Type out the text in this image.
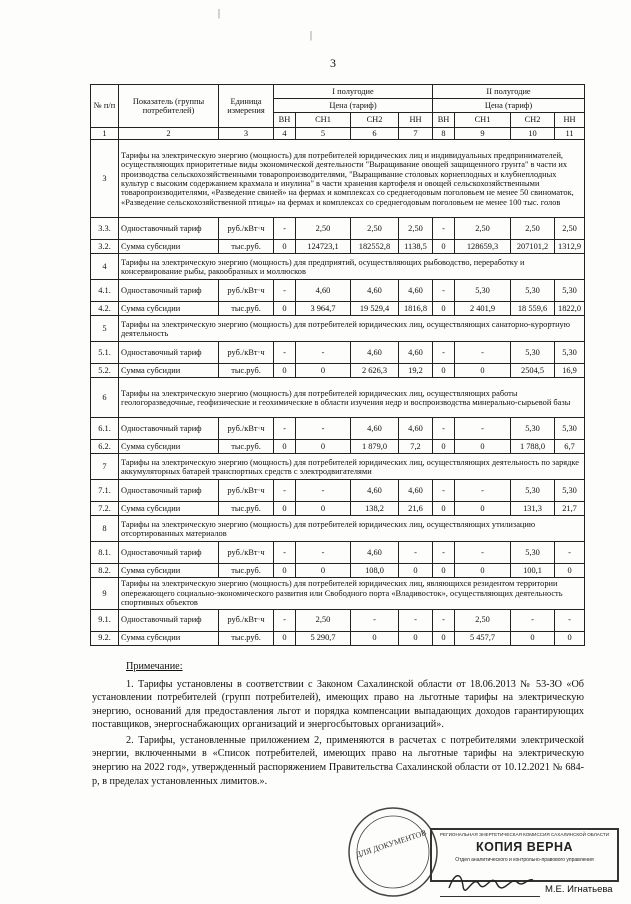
3
|
|
№ п/п	Показатель (группы потребителей)	Единица измерения	I полугодие				II полугодие			
			Цена (тариф)				Цена (тариф)			
			ВН	СН1	СН2	НН	ВН	СН1	СН2	НН
1	2	3	4	5	6	7	8	9	10	11
3	Тарифы на электрическую энергию (мощность) для потребителей юридических лиц и индивидуальных предпринимателей, осуществляющих приоритетные виды экономической деятельности "Выращивание овощей защищенного грунта" в части их производства сельскохозяйственными товаропроизводителями, "Выращивание столовых корнеплодных и клубнеплодных культур с высоким содержанием крахмала и инулина" в части хранения картофеля и овощей сельскохозяйственными товаропроизводителями, «Разведение свиней» на фермах и комплексах со среднегодовым поголовьем не менее 50 свиноматок, «Разведение сельскохозяйственной птицы» на фермах и комплексах со среднегодовым поголовьем не менее 100 тыс. голов									
3.3.	Одноставочный тариф	руб./кВт·ч	-	2,50	2,50	2,50	-	2,50	2,50	2,50
3.2.	Сумма субсидии	тыс.руб.	0	124723,1	182552,8	1138,5	0	128659,3	207101,2	1312,9
4	Тарифы на электрическую энергию (мощность) для предприятий, осуществляющих рыбоводство, переработку и консервирование рыбы, ракообразных и моллюсков									
4.1.	Одноставочный тариф	руб./кВт·ч	-	4,60	4,60	4,60	-	5,30	5,30	5,30
4.2.	Сумма субсидии	тыс.руб.	0	3 964,7	19 529,4	1816,8	0	2 401,9	18 559,6	1822,0
5	Тарифы на электрическую энергию (мощность) для потребителей юридических лиц, осуществляющих санаторно-курортную деятельность									
5.1.	Одноставочный тариф	руб./кВт·ч	-	-	4,60	4,60	-	-	5,30	5,30
5.2.	Сумма субсидии	тыс.руб.	0	0	2 626,3	19,2	0	0	2504,5	16,9
6	Тарифы на электрическую энергию (мощность) для потребителей юридических лиц, осуществляющих работы геологоразведочные, геофизические и геохимические в области изучения недр и воспроизводства минерально-сырьевой базы									
6.1.	Одноставочный тариф	руб./кВт·ч	-	-	4,60	4,60	-	-	5,30	5,30
6.2.	Сумма субсидии	тыс.руб.	0	0	1 879,0	7,2	0	0	1 788,0	6,7
7	Тарифы на электрическую энергию (мощность) для потребителей юридических лиц, осуществляющих деятельность по зарядке аккумуляторных батарей транспортных средств с электродвигателями									
7.1.	Одноставочный тариф	руб./кВт·ч	-	-	4,60	4,60	-	-	5,30	5,30
7.2.	Сумма субсидии	тыс.руб.	0	0	138,2	21,6	0	0	131,3	21,7
8	Тарифы на электрическую энергию (мощность) для потребителей юридических лиц, осуществляющих утилизацию отсортированных материалов									
8.1.	Одноставочный тариф	руб./кВт·ч	-	-	4,60	-	-	-	5,30	-
8.2.	Сумма субсидии	тыс.руб.	0	0	108,0	0	0	0	100,1	0
9	Тарифы на электрическую энергию (мощность) для потребителей юридических лиц, являющихся резидентом территории опережающего социально-экономического развития или Свободного порта «Владивосток», осуществляющих деятельность спортивных объектов									
9.1.	Одноставочный тариф	руб./кВт·ч	-	2,50	-	-	-	2,50	-	-
9.2.	Сумма субсидии	тыс.руб.	0	5 290,7	0	0	0	5 457,7	0	0
Примечание:

1. Тарифы установлены в соответствии с Законом Сахалинской области от 18.06.2013 № 53-ЗО «Об установлении потребителей (групп потребителей), имеющих право на льготные тарифы на электрическую энергию, оснований для предоставления льгот и порядка компенсации выпадающих доходов гарантирующих поставщиков, энергоснабжающих организаций и энергосбытовых организаций».

2. Тарифы, установленные приложением 2, применяются в расчетах с потребителями электрической энергии, включенными в «Список потребителей, имеющих право на льготные тарифы на электрическую энергию на 2022 год», утвержденный распоряжением Правительства Сахалинской области от 10.12.2021 № 684-р, в пределах установленных лимитов.».

ДЛЯ ДОКУМЕНТОВ	РЕГИОНАЛЬНАЯ ЭНЕРГЕТИЧЕСКАЯ КОМИССИЯ САХАЛИНСКОЙ ОБЛАСТИ
КОПИЯ ВЕРНА
Отдел аналитического и контрольно-правового управления
М.Е. Игнатьева
